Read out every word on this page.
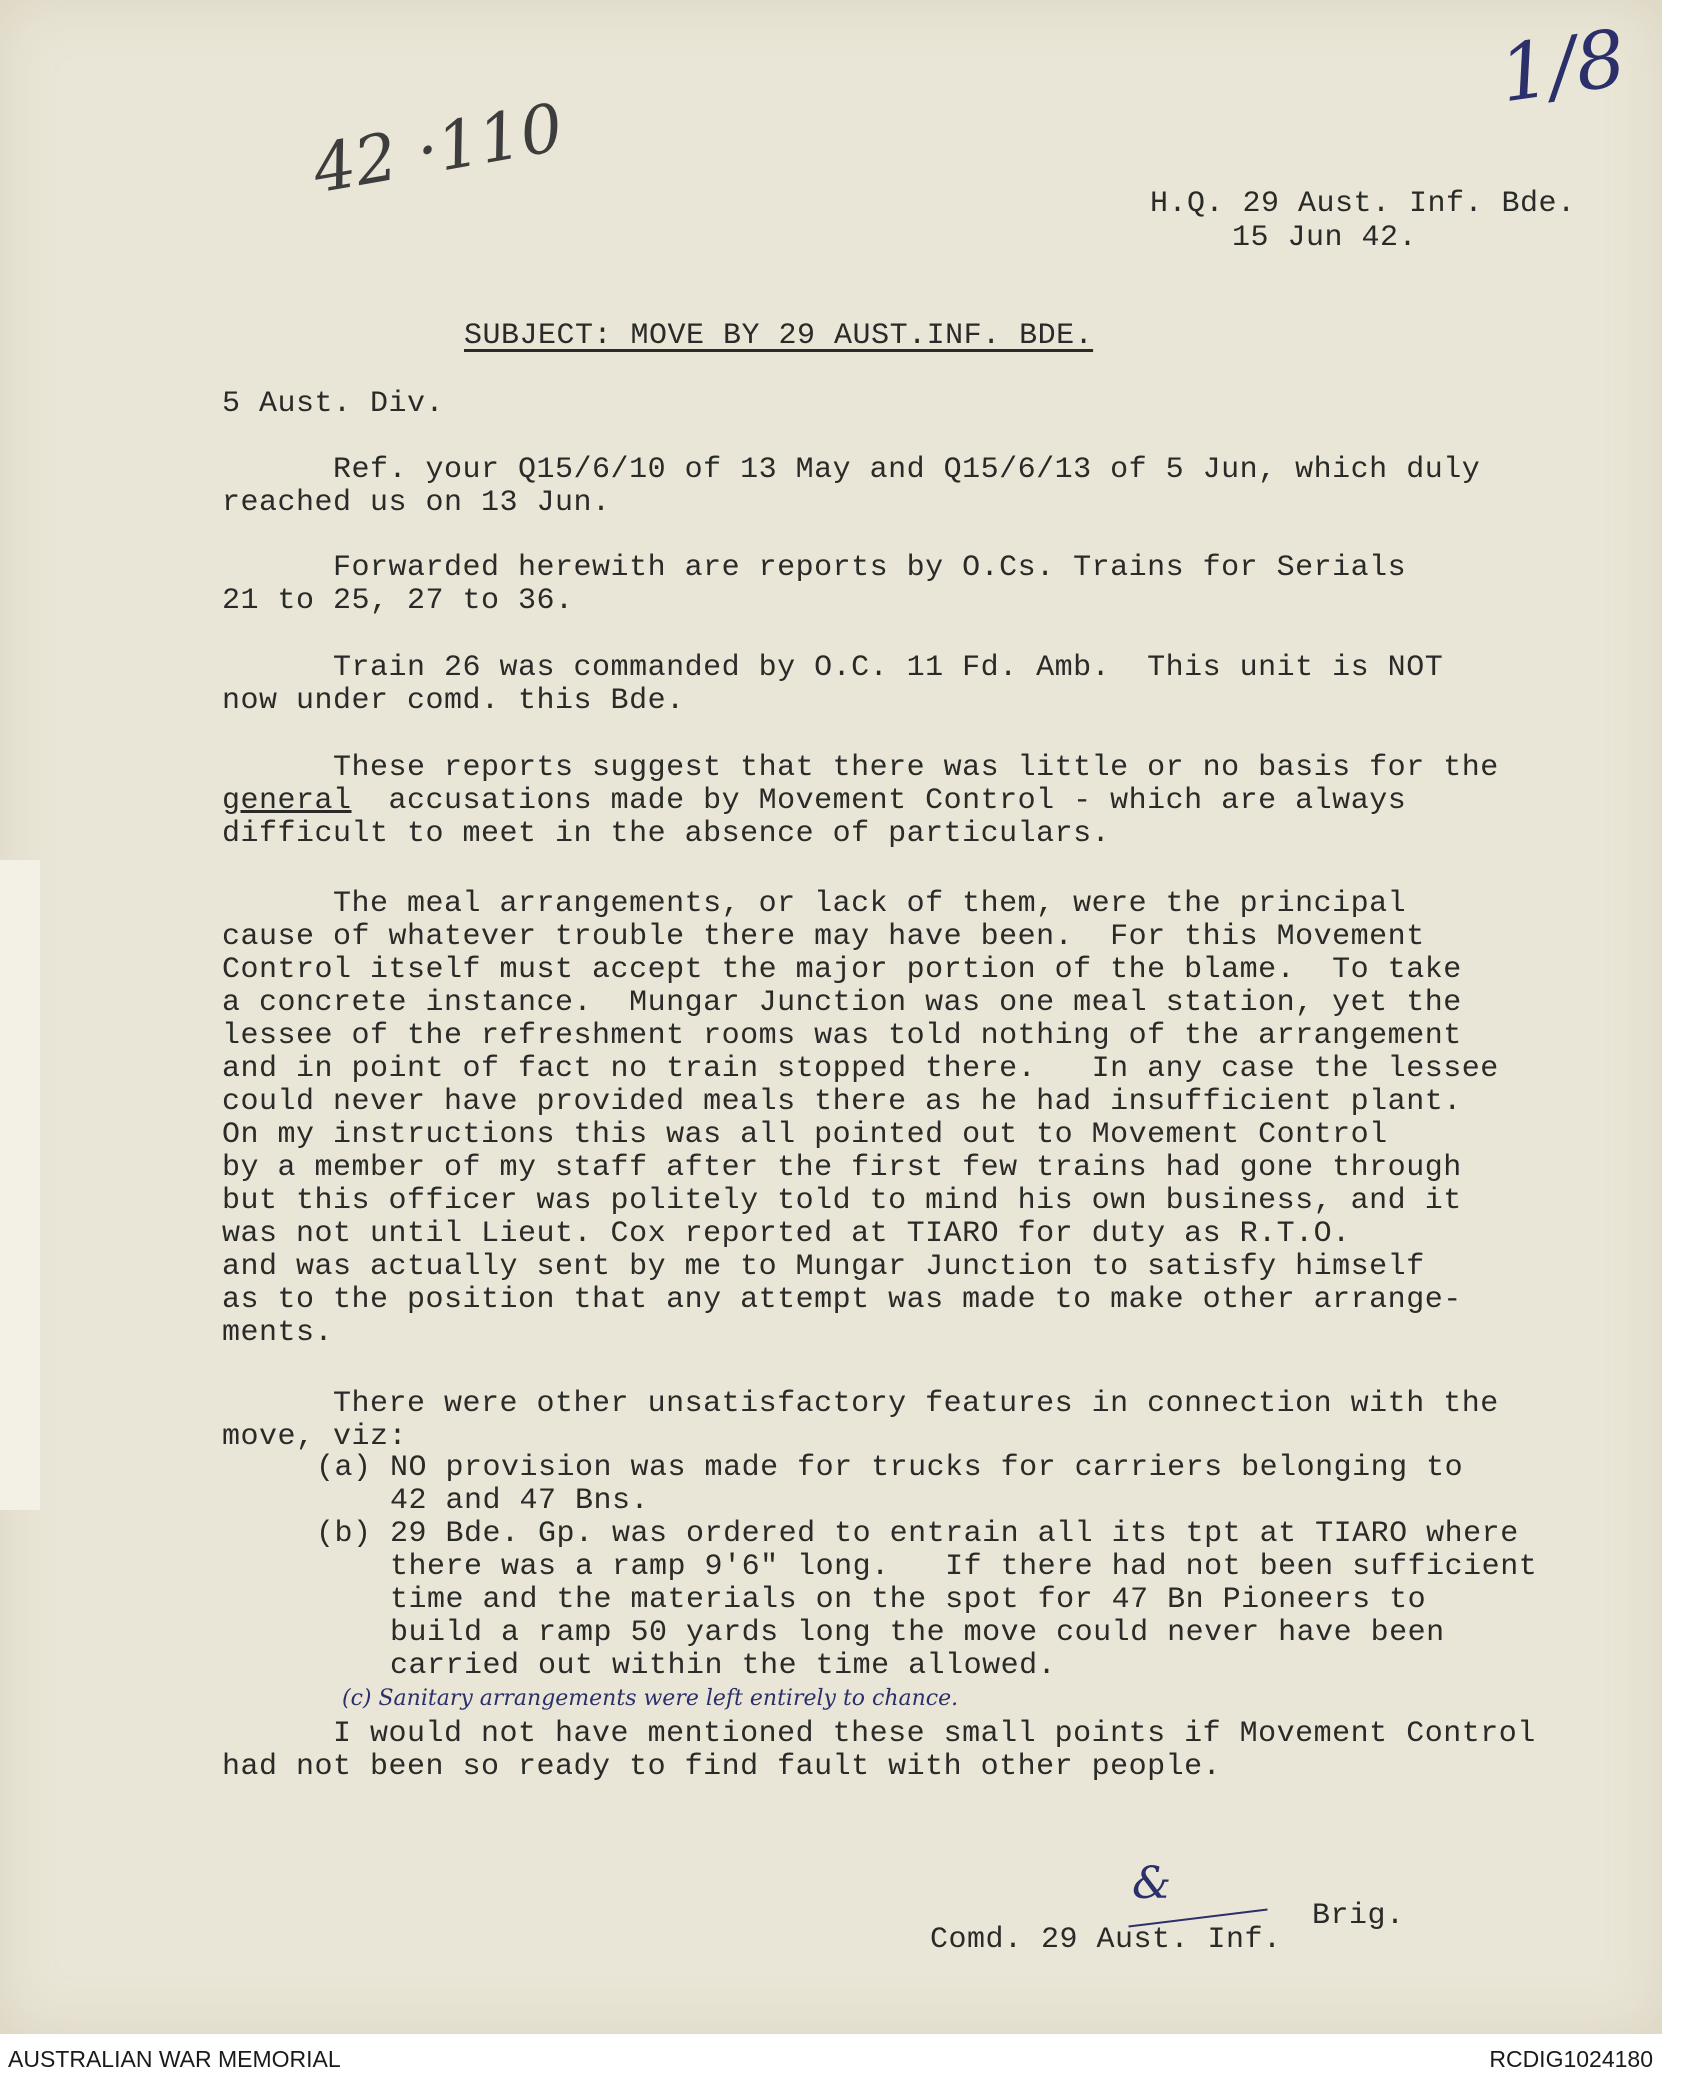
1/8
42 ·110	H.Q. 29 Aust. Inf. Bde.
15 Jun 42.
SUBJECT: MOVE BY 29 AUST.INF. BDE.
5 Aust. Div.
Ref. your Q15/6/10 of 13 May and Q15/6/13 of 5 Jun, which duly
reached us on 13 Jun.
Forwarded herewith are reports by O.Cs. Trains for Serials
21 to 25, 27 to 36.
Train 26 was commanded by O.C. 11 Fd. Amb.  This unit is NOT
now under comd. this Bde.
These reports suggest that there was little or no basis for the
general  accusations made by Movement Control - which are always
difficult to meet in the absence of particulars.
The meal arrangements, or lack of them, were the principal
cause of whatever trouble there may have been.  For this Movement
Control itself must accept the major portion of the blame.  To take
a concrete instance.  Mungar Junction was one meal station, yet the
lessee of the refreshment rooms was told nothing of the arrangement
and in point of fact no train stopped there.   In any case the lessee
could never have provided meals there as he had insufficient plant.
On my instructions this was all pointed out to Movement Control
by a member of my staff after the first few trains had gone through
but this officer was politely told to mind his own business, and it
was not until Lieut. Cox reported at TIARO for duty as R.T.O.
and was actually sent by me to Mungar Junction to satisfy himself
as to the position that any attempt was made to make other arrange-
ments.
There were other unsatisfactory features in connection with the
move, viz:
(a) NO provision was made for trucks for carriers belonging to
42 and 47 Bns.
(b) 29 Bde. Gp. was ordered to entrain all its tpt at TIARO where
there was a ramp 9'6" long.   If there had not been sufficient
time and the materials on the spot for 47 Bn Pioneers to
build a ramp 50 yards long the move could never have been
carried out within the time allowed.
(c) Sanitary arrangements were left entirely to chance.
I would not have mentioned these small points if Movement Control
had not been so ready to find fault with other people.
&
Comd. 29 Aust. Inf.
Brig.
AUSTRALIAN WAR MEMORIAL	RCDIG1024180
